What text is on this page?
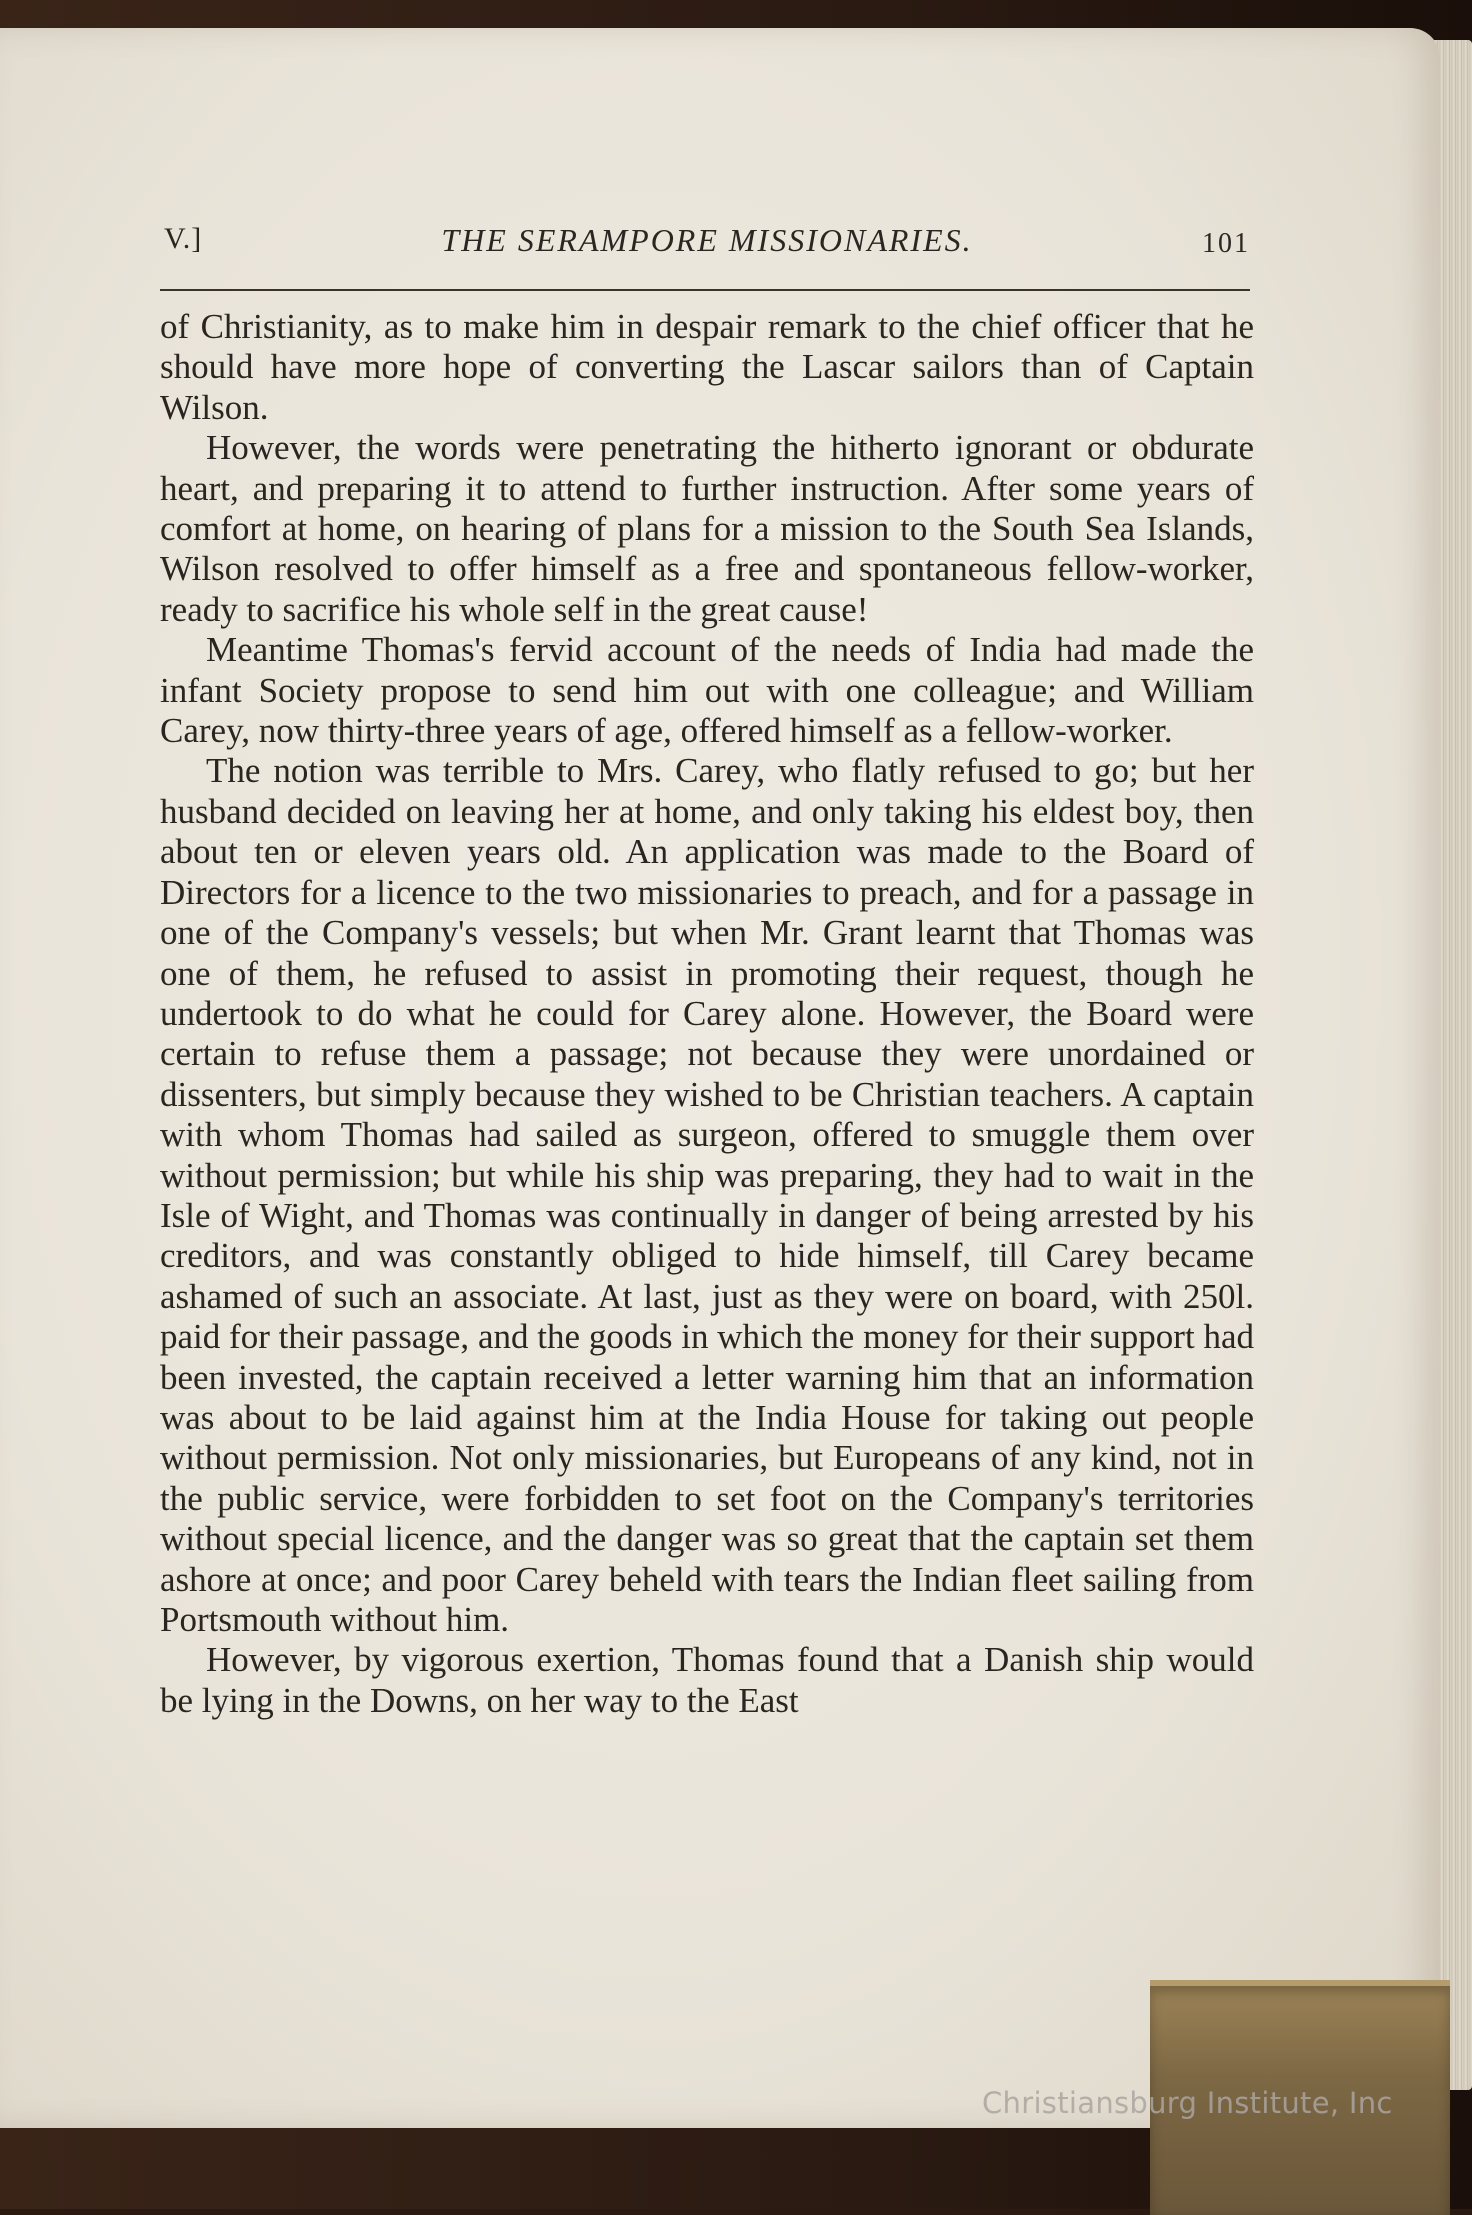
V.]	THE SERAMPORE MISSIONARIES.	101

of Christianity, as to make him in despair remark to the chief officer that he should have more hope of converting the Lascar sailors than of Captain Wilson.

However, the words were penetrating the hitherto ignorant or obdurate heart, and preparing it to attend to further instruction. After some years of comfort at home, on hearing of plans for a mission to the South Sea Islands, Wilson resolved to offer himself as a free and spontaneous fellow-worker, ready to sacrifice his whole self in the great cause!

Meantime Thomas's fervid account of the needs of India had made the infant Society propose to send him out with one colleague; and William Carey, now thirty-three years of age, offered himself as a fellow-worker.

The notion was terrible to Mrs. Carey, who flatly refused to go; but her husband decided on leaving her at home, and only taking his eldest boy, then about ten or eleven years old. An application was made to the Board of Directors for a licence to the two missionaries to preach, and for a passage in one of the Company's vessels; but when Mr. Grant learnt that Thomas was one of them, he refused to assist in promoting their request, though he undertook to do what he could for Carey alone. However, the Board were certain to refuse them a passage; not because they were unordained or dissenters, but simply because they wished to be Christian teachers. A captain with whom Thomas had sailed as surgeon, offered to smuggle them over without permission; but while his ship was preparing, they had to wait in the Isle of Wight, and Thomas was continually in danger of being arrested by his creditors, and was constantly obliged to hide himself, till Carey became ashamed of such an associate. At last, just as they were on board, with 250l. paid for their passage, and the goods in which the money for their support had been invested, the captain received a letter warning him that an information was about to be laid against him at the India House for taking out people without permission. Not only missionaries, but Europeans of any kind, not in the public service, were forbidden to set foot on the Company's territories without special licence, and the danger was so great that the captain set them ashore at once; and poor Carey beheld with tears the Indian fleet sailing from Portsmouth without him.

However, by vigorous exertion, Thomas found that a Danish ship would be lying in the Downs, on her way to the East

Christiansburg Institute, Inc
